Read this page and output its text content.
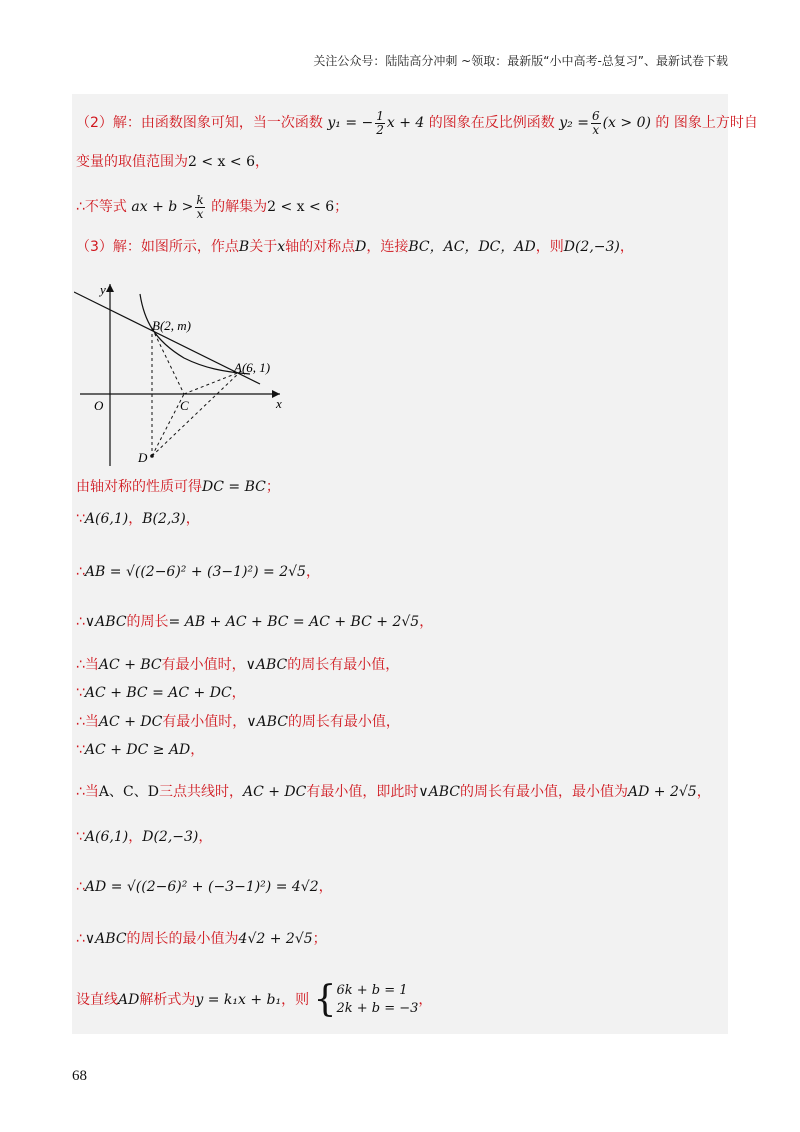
关注公众号：陆陆高分冲刺 ~领取：最新版“小中高考-总复习”、最新试卷下载
（2）解：由函数图象可知，当一次函数 y₁ = − $\frac{1}{2}$ x + 4 的图象在反比例函数 $y_2 = \frac{6}{x} (x > 0)$ 的 图象上方时自
变量的取值范围为2 < x < 6，
∴不等式 ax + $b > \frac{k}{x}$ 的解集为2 < x < 6；
（3）解：如图所示，作点B关于x轴的对称点D，连接BC，AC，DC，AD，则D(2,−3)，
y
x
O
B(2, m)
A(6, 1)
C
D
由轴对称的性质可得DC = BC；
∵A(6,1)，B(2,3)，
∴AB = √((2−6)² + (3−1)²) = 2√5，
∴∨ABC的周长= AB + AC + BC = AC + BC + 2√5，
∴当AC + BC有最小值时，∨ABC的周长有最小值，
∵AC + BC = AC + DC，
∴当AC + DC有最小值时，∨ABC的周长有最小值，
∵AC + DC ≥ AD，
∴当A、C、D三点共线时，AC + DC有最小值，即此时∨ABC的周长有最小值，最小值为AD + 2√5，
∵A(6,1)，D(2,−3)，
∴AD = √((2−6)² + (−3−1)²) = 4√2，
∴∨ABC的周长的最小值为4√2 + 2√5；
设直线AD解析式为y = k₁x + b₁，则 { 6k + b = 1
2k + b = −3
，
68
